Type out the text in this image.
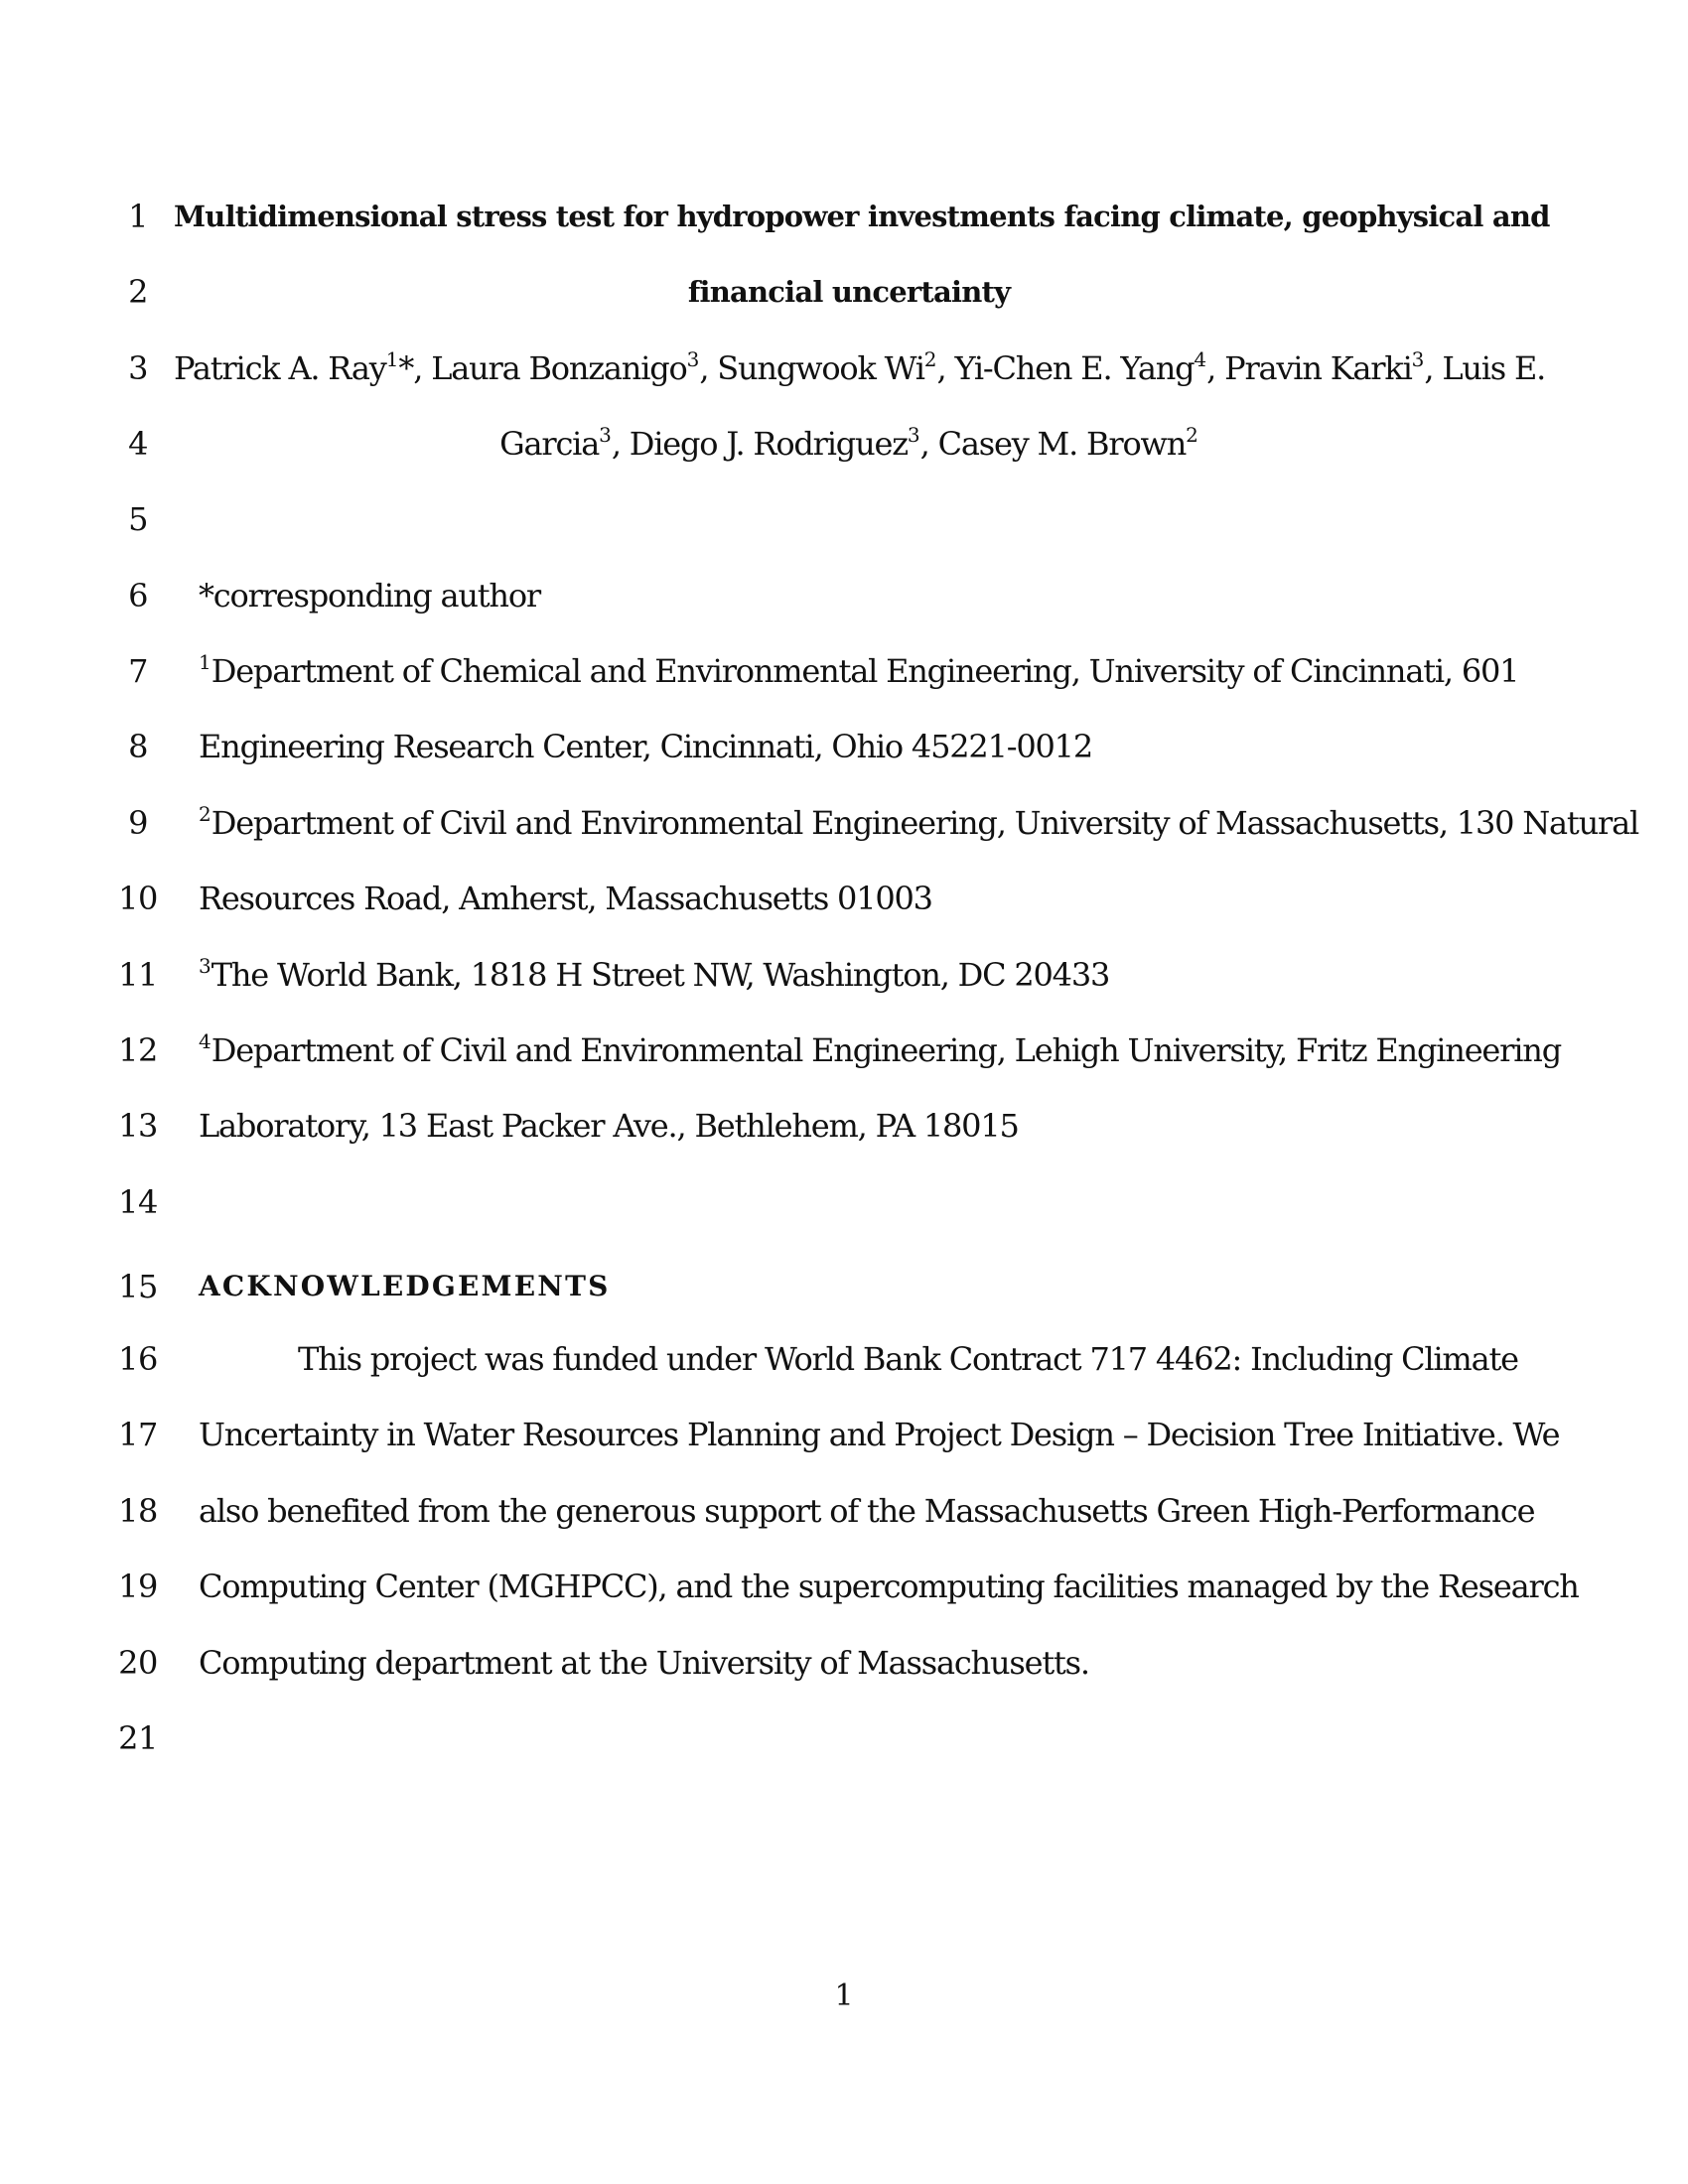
1 Multidimensional stress test for hydropower investments facing climate, geophysical and
2	financial uncertainty
3 Patrick A. Ray$^1$*, Laura Bonzanigo$^3$, Sungwook Wi$^2$, Yi-Chen E. Yang$^4$, Pravin Karki$^3$, Luis E.
4	Garcia$^3$, Diego J. Rodriguez$^3$, Casey M. Brown$^2$
5
6	*corresponding author
7	$^1$Department of Chemical and Environmental Engineering, University of Cincinnati, 601
8	Engineering Research Center, Cincinnati, Ohio 45221-0012
9	$^2$Department of Civil and Environmental Engineering, University of Massachusetts, 130 Natural
10 Resources Road, Amherst, Massachusetts 01003
11	$^3$The World Bank, 1818 H Street NW, Washington, DC 20433
12	$^4$Department of Civil and Environmental Engineering, Lehigh University, Fritz Engineering
13 Laboratory, 13 East Packer Ave., Bethlehem, PA 18015
14
15	ACKNOWLEDGEMENTS
16	This project was funded under World Bank Contract 717 4462: Including Climate
17 Uncertainty in Water Resources Planning and Project Design – Decision Tree Initiative. We
18 also benefited from the generous support of the Massachusetts Green High-Performance
19 Computing Center (MGHPCC), and the supercomputing facilities managed by the Research
20 Computing department at the University of Massachusetts.
21
1
